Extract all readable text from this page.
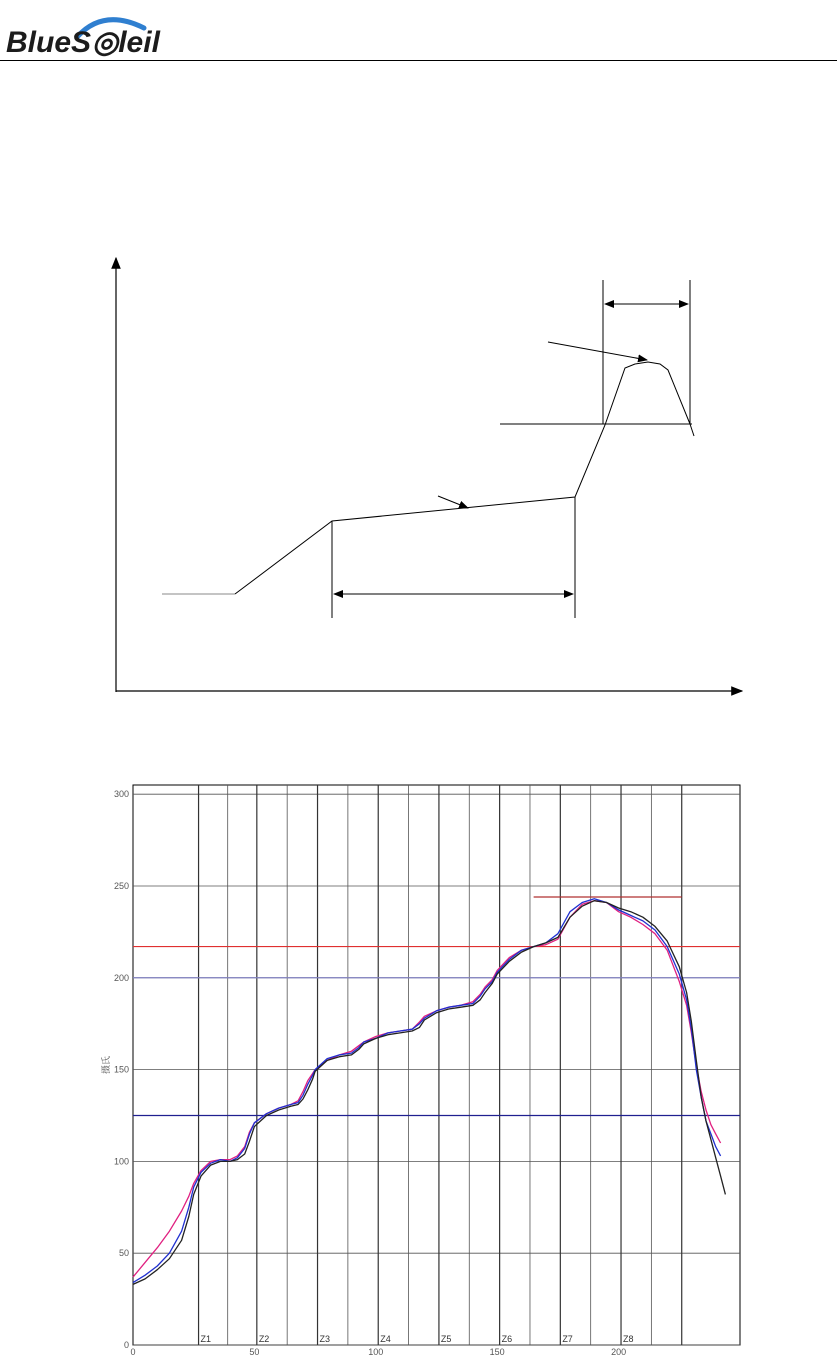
BlueS◎leil
Z1	Z2	Z3	Z4	Z5	Z6	Z7	Z8
0
50
100
150
200
250
300
0	50	100	150	200
摄氏
